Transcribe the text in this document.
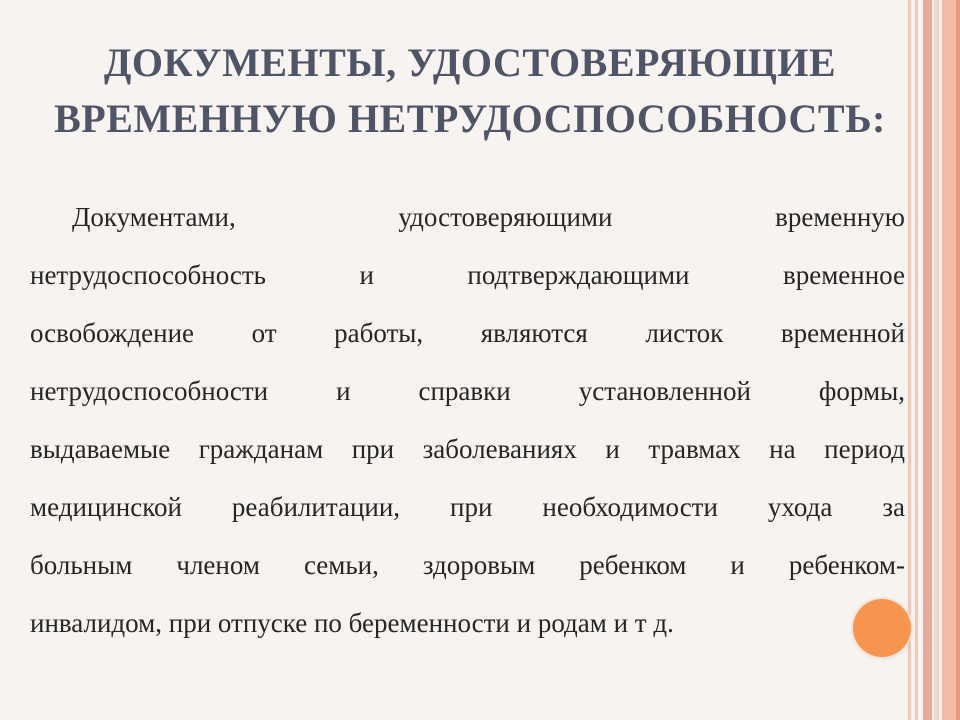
ДОКУМЕНТЫ, УДОСТОВЕРЯЮЩИЕ
ВРЕМЕННУЮ НЕТРУДОСПОСОБНОСТЬ:
Документами,	удостоверяющими	временную
нетрудоспособность	и	подтверждающими	временное
освобождение от работы, являются листок временной
нетрудоспособности	и	справки	установленной	формы,
выдаваемые гражданам при заболеваниях и травмах на период
медицинской реабилитации, при необходимости ухода за
больным членом семьи, здоровым ребенком и ребенком-
инвалидом, при отпуске по беременности и родам и т д.
